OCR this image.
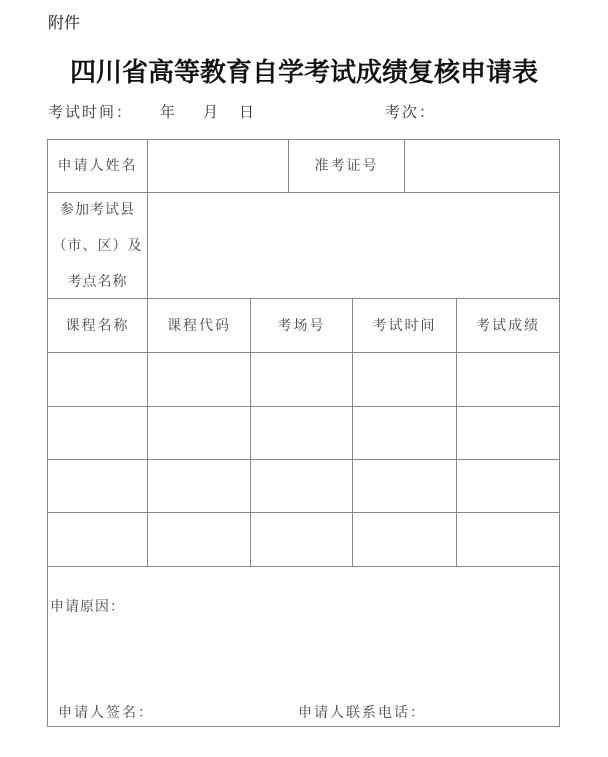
附件
四川省高等教育自学考试成绩复核申请表
考试时间： 年 月 日	考次：
申请人姓名	准考证号
参加考试县
（市、区）及
考点名称
课程名称	课程代码	考场号	考试时间	考试成绩
申请原因：
申请人签名：	申请人联系电话：
